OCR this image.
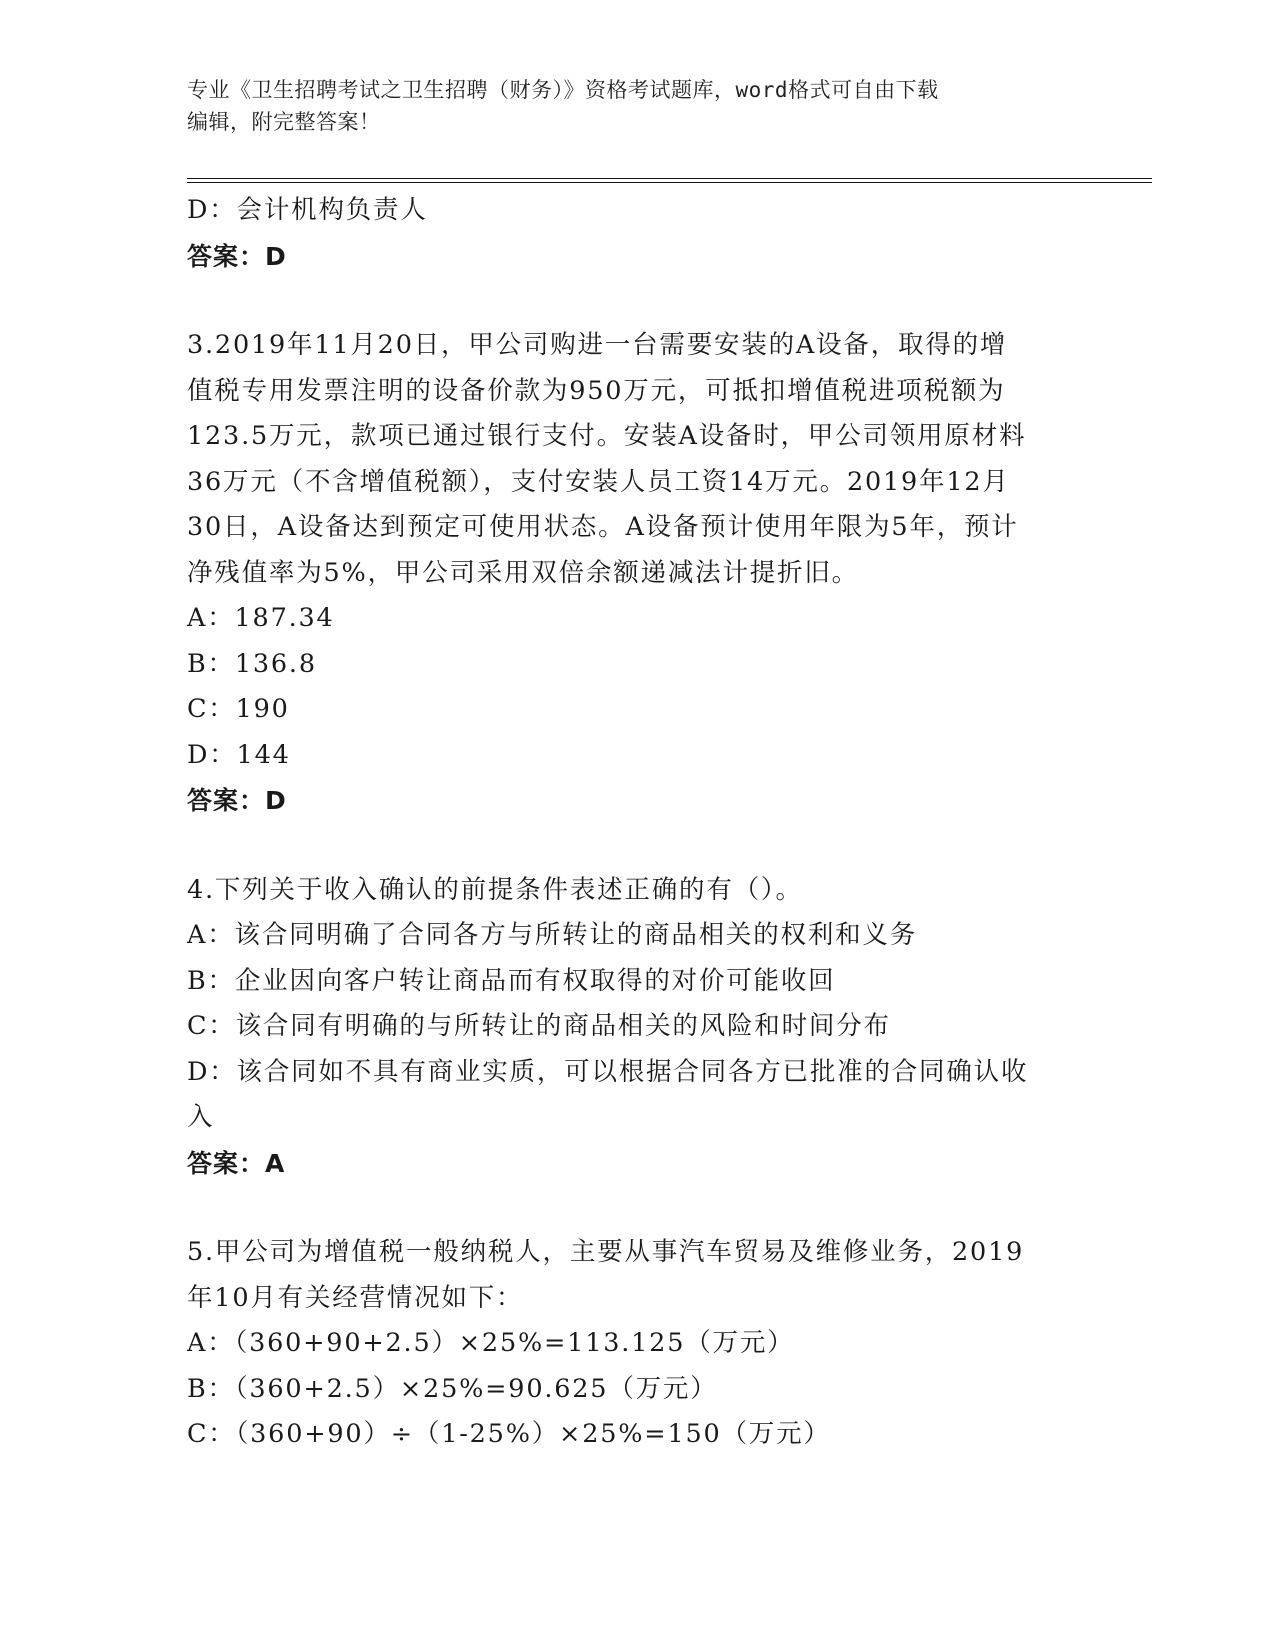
专业《卫生招聘考试之卫生招聘（财务）》资格考试题库，word格式可自由下载
编辑，附完整答案！
D：会计机构负责人
答案：D
3.2019年11月20日，甲公司购进一台需要安装的A设备，取得的增
值税专用发票注明的设备价款为950万元，可抵扣增值税进项税额为
123.5万元，款项已通过银行支付。安装A设备时，甲公司领用原材料
36万元（不含增值税额），支付安装人员工资14万元。2019年12月
30日，A设备达到预定可使用状态。A设备预计使用年限为5年，预计
净残值率为5%，甲公司采用双倍余额递减法计提折旧。
A：187.34
B：136.8
C：190
D：144
答案：D
4.下列关于收入确认的前提条件表述正确的有（）。
A：该合同明确了合同各方与所转让的商品相关的权利和义务
B：企业因向客户转让商品而有权取得的对价可能收回
C：该合同有明确的与所转让的商品相关的风险和时间分布
D：该合同如不具有商业实质，可以根据合同各方已批准的合同确认收
入
答案：A
5.甲公司为增值税一般纳税人，主要从事汽车贸易及维修业务，2019
年10月有关经营情况如下：
A：（360+90+2.5）×25%=113.125（万元）
B：（360+2.5）×25%=90.625（万元）
C：（360+90）÷（1-25%）×25%=150（万元）
